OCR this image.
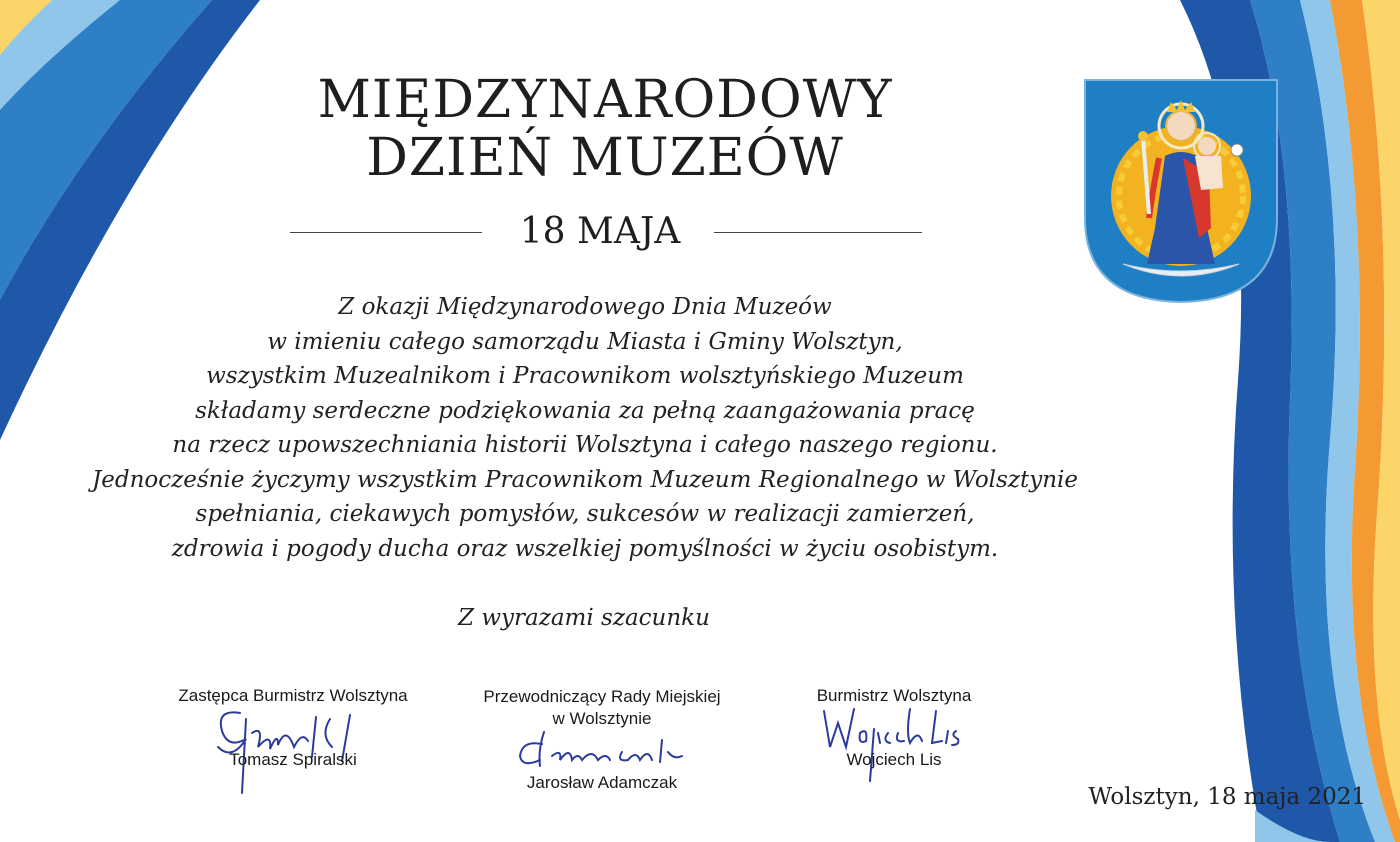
MIĘDZYNARODOWY
DZIEŃ MUZEÓW
18 MAJA
Z okazji Międzynarodowego Dnia Muzeów
w imieniu całego samorządu Miasta i Gminy Wolsztyn,
wszystkim Muzealnikom i Pracownikom wolsztyńskiego Muzeum
składamy serdeczne podziękowania za pełną zaangażowania pracę
na rzecz upowszechniania historii Wolsztyna i całego naszego regionu.
Jednocześnie życzymy wszystkim Pracownikom Muzeum Regionalnego w Wolsztynie
spełniania, ciekawych pomysłów, sukcesów w realizacji zamierzeń,
zdrowia i pogody ducha oraz wszelkiej pomyślności w życiu osobistym.
Z wyrazami szacunku
Zastępca Burmistrz Wolsztyna
Tomasz Spiralski
Przewodniczący Rady Miejskiej
w Wolsztynie
Jarosław Adamczak
Burmistrz Wolsztyna
Wojciech Lis
Wolsztyn, 18 maja 2021
